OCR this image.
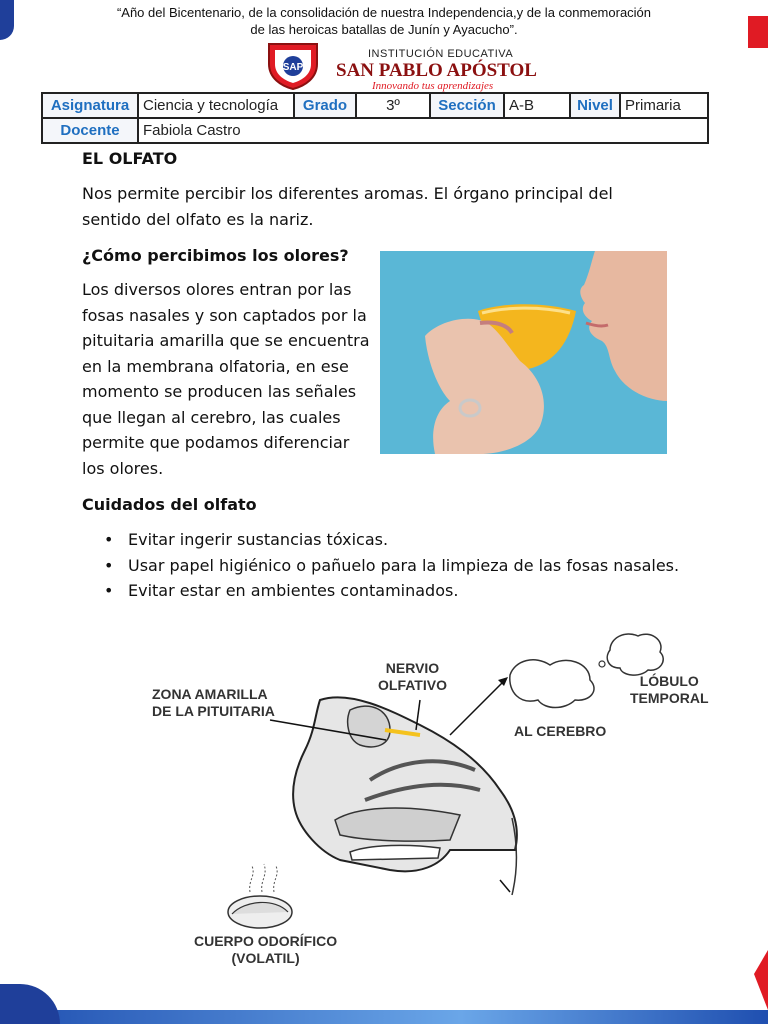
“Año del Bicentenario, de la consolidación de nuestra Independencia,y de la conmemoración
de las heroicas batallas de Junín y Ayacucho”.
SAP
INSTITUCIÓN EDUCATIVA
SAN PABLO APÓSTOL
Innovando tus aprendizajes
Asignatura	Ciencia y tecnología	Grado	3º	Sección	A-B	Nivel	Primaria
Docente	Fabiola Castro						
EL OLFATO
Nos permite percibir los diferentes aromas. El órgano principal del sentido del olfato es la nariz.
¿Cómo percibimos los olores?
Los diversos olores entran por las fosas nasales y son captados por la pituitaria amarilla que se encuentra en la membrana olfatoria, en ese momento se producen las señales que llegan al cerebro, las cuales permite que podamos diferenciar los olores.
Cuidados del olfato
• Evitar ingerir sustancias tóxicas.
• Usar papel higiénico o pañuelo para la limpieza de las fosas nasales.
• Evitar estar en ambientes contaminados.
NERVIO
OLFATIVO	LÓBULO
TEMPORAL
ZONA AMARILLA
DE LA PITUITARIA
AL CEREBRO
CUERPO ODORÍFICO
(VOLATIL)
